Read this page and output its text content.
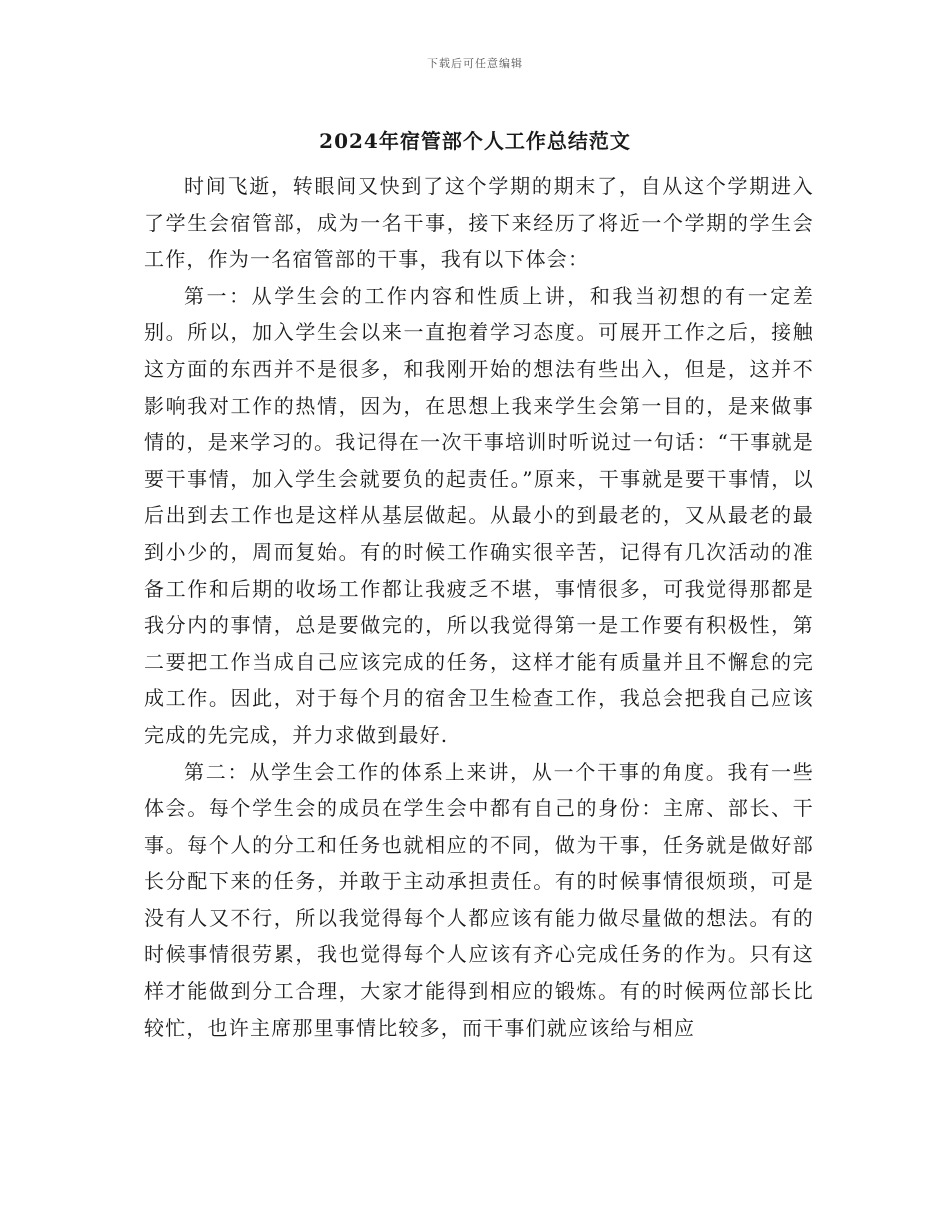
下载后可任意编辑
2024年宿管部个人工作总结范文

时间飞逝，转眼间又快到了这个学期的期末了，自从这个学期进入了学生会宿管部，成为一名干事，接下来经历了将近一个学期的学生会工作，作为一名宿管部的干事，我有以下体会：

第一：从学生会的工作内容和性质上讲，和我当初想的有一定差别。所以，加入学生会以来一直抱着学习态度。可展开工作之后，接触这方面的东西并不是很多，和我刚开始的想法有些出入，但是，这并不影响我对工作的热情，因为，在思想上我来学生会第一目的，是来做事情的，是来学习的。我记得在一次干事培训时听说过一句话：“干事就是要干事情，加入学生会就要负的起责任。”原来，干事就是要干事情，以后出到去工作也是这样从基层做起。从最小的到最老的，又从最老的最到小少的，周而复始。有的时候工作确实很辛苦，记得有几次活动的准备工作和后期的收场工作都让我疲乏不堪，事情很多，可我觉得那都是我分内的事情，总是要做完的，所以我觉得第一是工作要有积极性，第二要把工作当成自己应该完成的任务，这样才能有质量并且不懈怠的完成工作。因此，对于每个月的宿舍卫生检查工作，我总会把我自己应该完成的先完成，并力求做到最好.

第二：从学生会工作的体系上来讲，从一个干事的角度。我有一些体会。每个学生会的成员在学生会中都有自己的身份：主席、部长、干事。每个人的分工和任务也就相应的不同，做为干事，任务就是做好部长分配下来的任务，并敢于主动承担责任。有的时候事情很烦琐，可是没有人又不行，所以我觉得每个人都应该有能力做尽量做的想法。有的时候事情很劳累，我也觉得每个人应该有齐心完成任务的作为。只有这样才能做到分工合理，大家才能得到相应的锻炼。有的时候两位部长比较忙，也许主席那里事情比较多，而干事们就应该给与相应
